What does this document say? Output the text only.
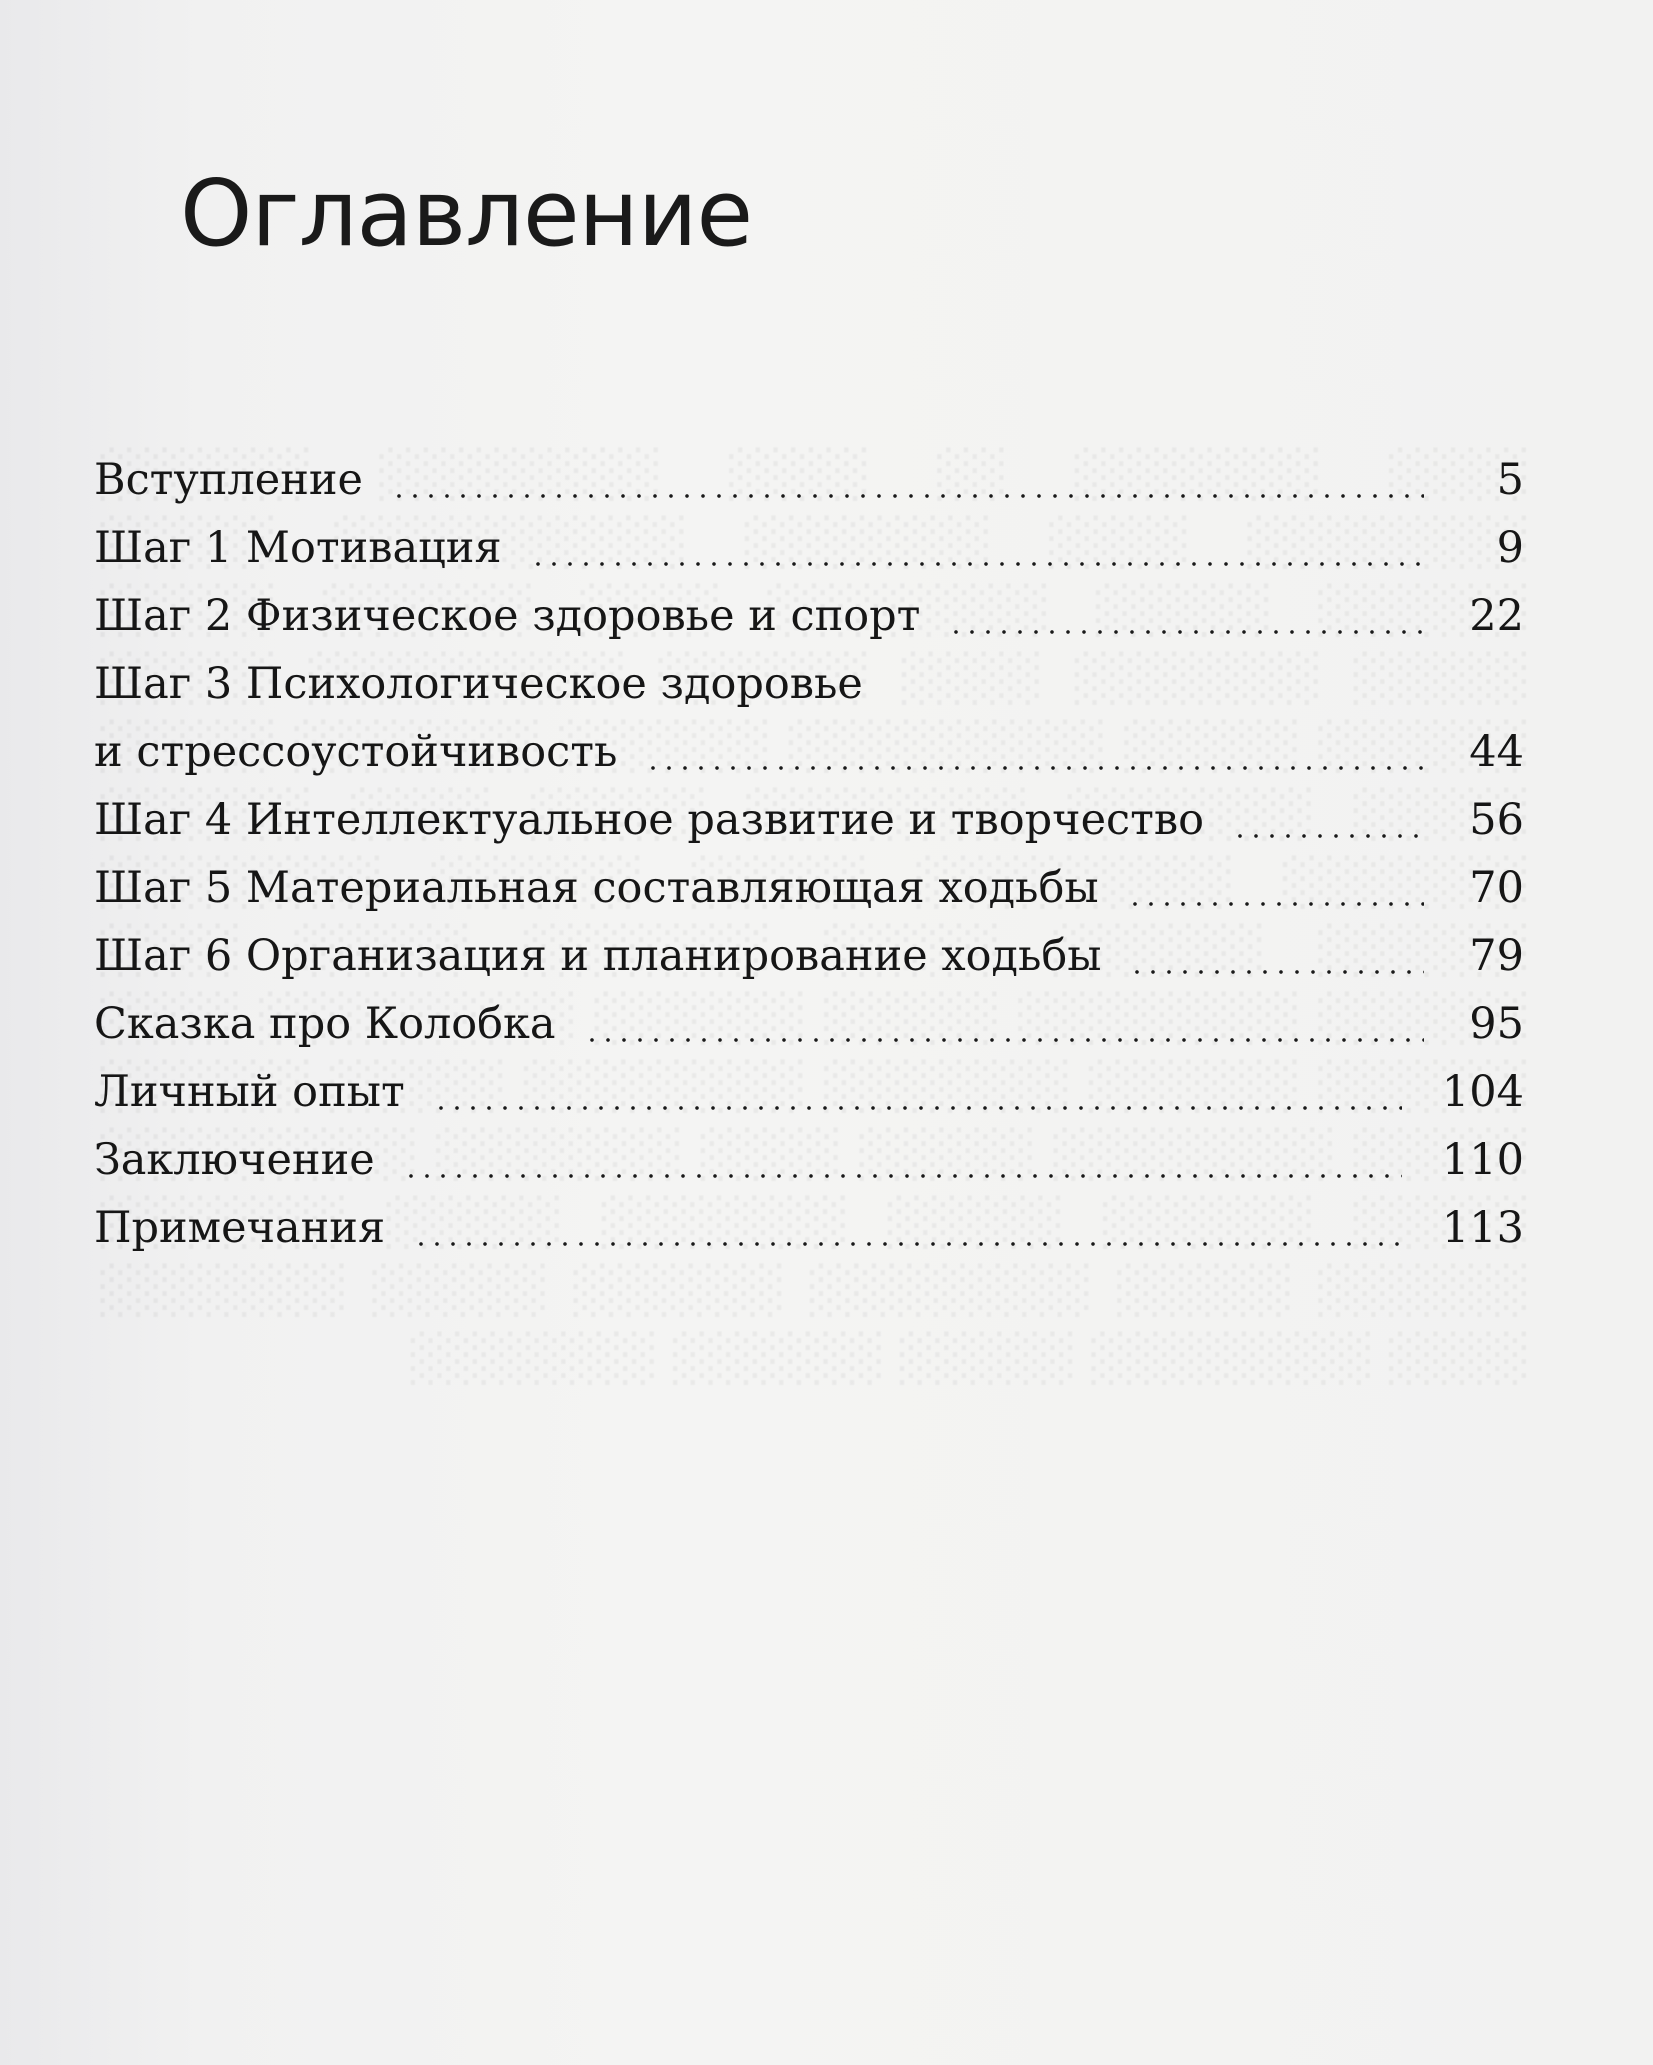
Оглавление
Вступление	5
Шаг 1 Мотивация	9
Шаг 2 Физическое здоровье и спорт	22
Шаг 3 Психологическое здоровье
и стрессоустойчивость	44
Шаг 4 Интеллектуальное развитие и творчество	56
Шаг 5 Материальная составляющая ходьбы	70
Шаг 6 Организация и планирование ходьбы	79
Сказка про Колобка	95
Личный опыт	104
Заключение	110
Примечания	113
